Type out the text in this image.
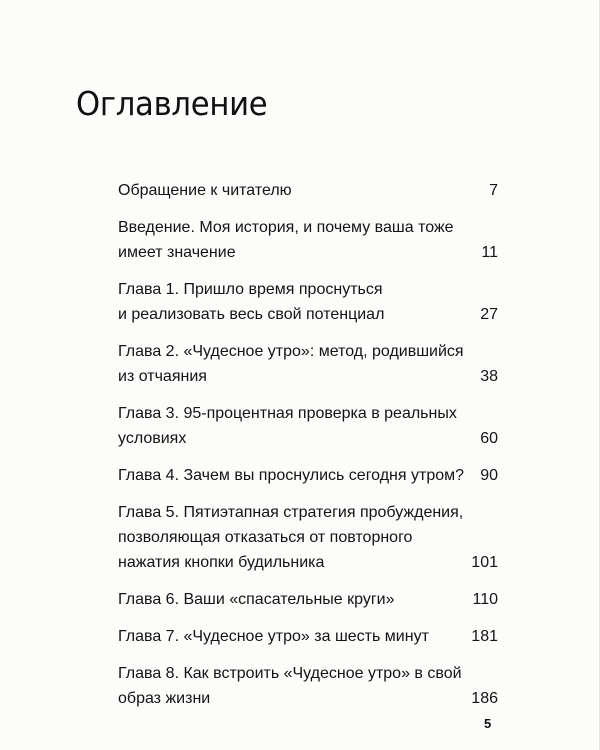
Оглавление
Обращение к читателю	7
Введение. Моя история, и почему ваша тоже
имеет значение	11
Глава 1. Пришло время проснуться
и реализовать весь свой потенциал	27
Глава 2. «Чудесное утро»: метод, родившийся
из отчаяния	38
Глава 3. 95-процентная проверка в реальных
условиях	60
Глава 4. Зачем вы проснулись сегодня утром? 90
Глава 5. Пятиэтапная стратегия пробуждения,
позволяющая отказаться от повторного
нажатия кнопки будильника	101
Глава 6. Ваши «спасательные круги»	110
Глава 7. «Чудесное утро» за шесть минут	181
Глава 8. Как встроить «Чудесное утро» в свой
образ жизни	186
5
